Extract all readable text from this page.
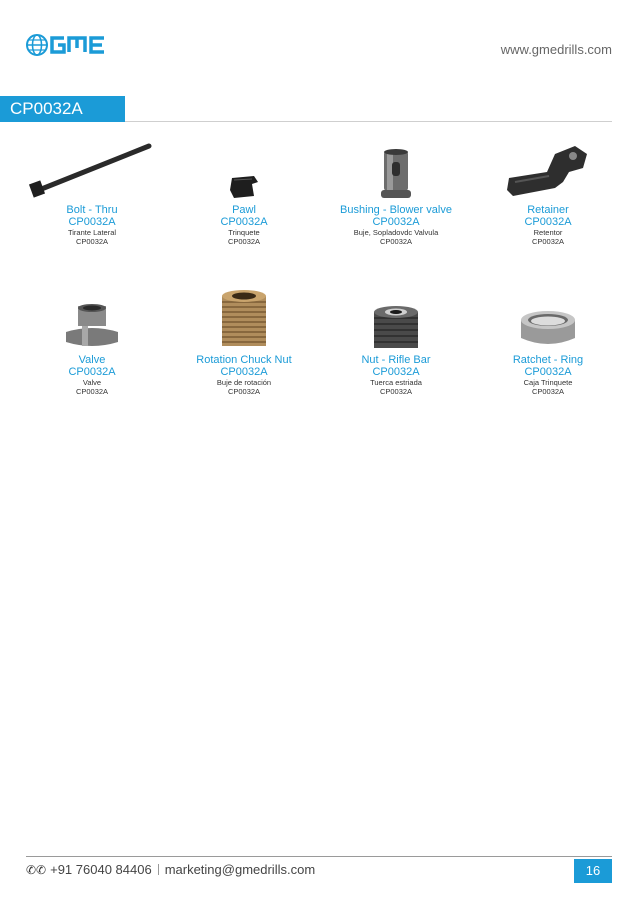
www.gmedrills.com
CP0032A
Bolt - Thru
CP0032A
Tirante Lateral
CP0032A
Pawl
CP0032A
Trinquete
CP0032A
Bushing - Blower valve
CP0032A
Buje, Sopladovdc Valvula
CP0032A
Retainer
CP0032A
Retentor
CP0032A
Valve
CP0032A
Valve
CP0032A
Rotation Chuck Nut
CP0032A
Buje de rotación
CP0032A
Nut - Rifle Bar
CP0032A
Tuerca estriada
CP0032A
Ratchet - Ring
CP0032A
Caja Trinquete
CP0032A
✆✆ +91 76040 84406 marketing@gmedrills.com	16
